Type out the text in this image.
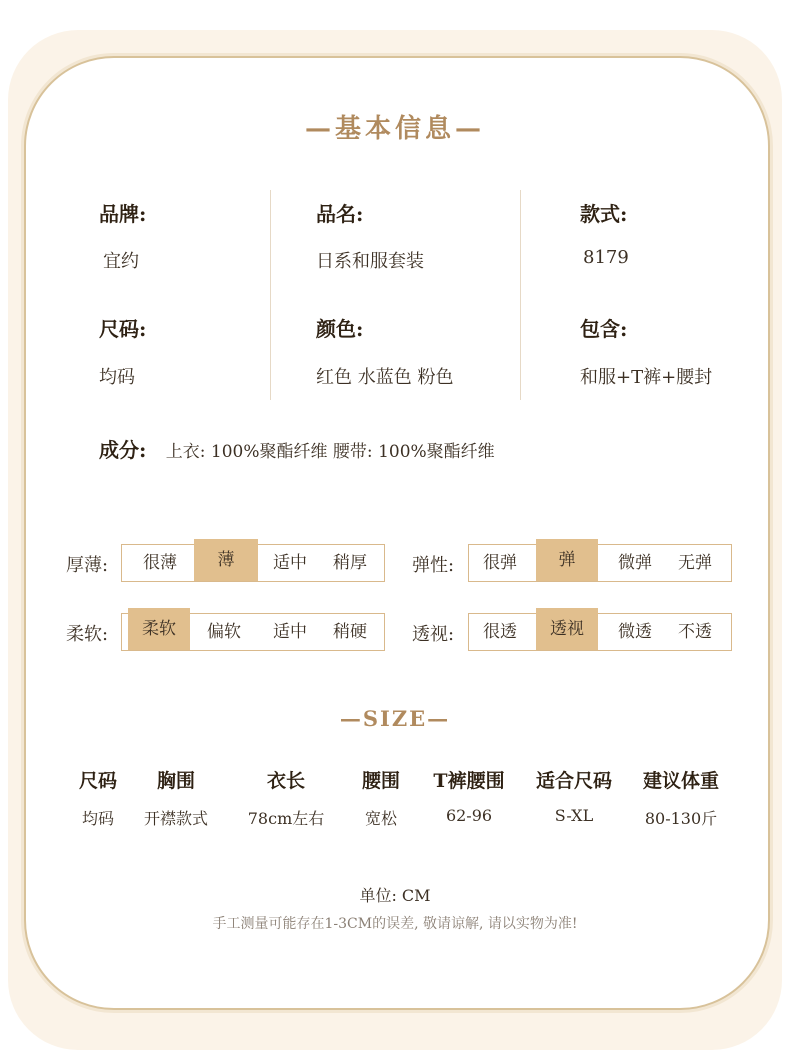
—基本信息—
品牌:
宜约
品名:
日系和服套装
款式:
8179
尺码:
均码
颜色:
红色 水蓝色 粉色
包含:
和服+T裤+腰封
成分: 上衣: 100%聚酯纤维 腰带: 100%聚酯纤维
厚薄:	很薄	薄	适中	稍厚	弹性:	很弹	弹	微弹	无弹
柔软:	柔软	偏软	适中	稍硬	透视:	很透	透视	微透	不透
—SIZE—
尺码 胸围	衣长	腰围 T裤腰围 适合尺码 建议体重
均码 开襟款式 78cm左右	宽松	62-96	S-XL	80-130斤
单位: CM
手工测量可能存在1-3CM的误差, 敬请谅解, 请以实物为准!
